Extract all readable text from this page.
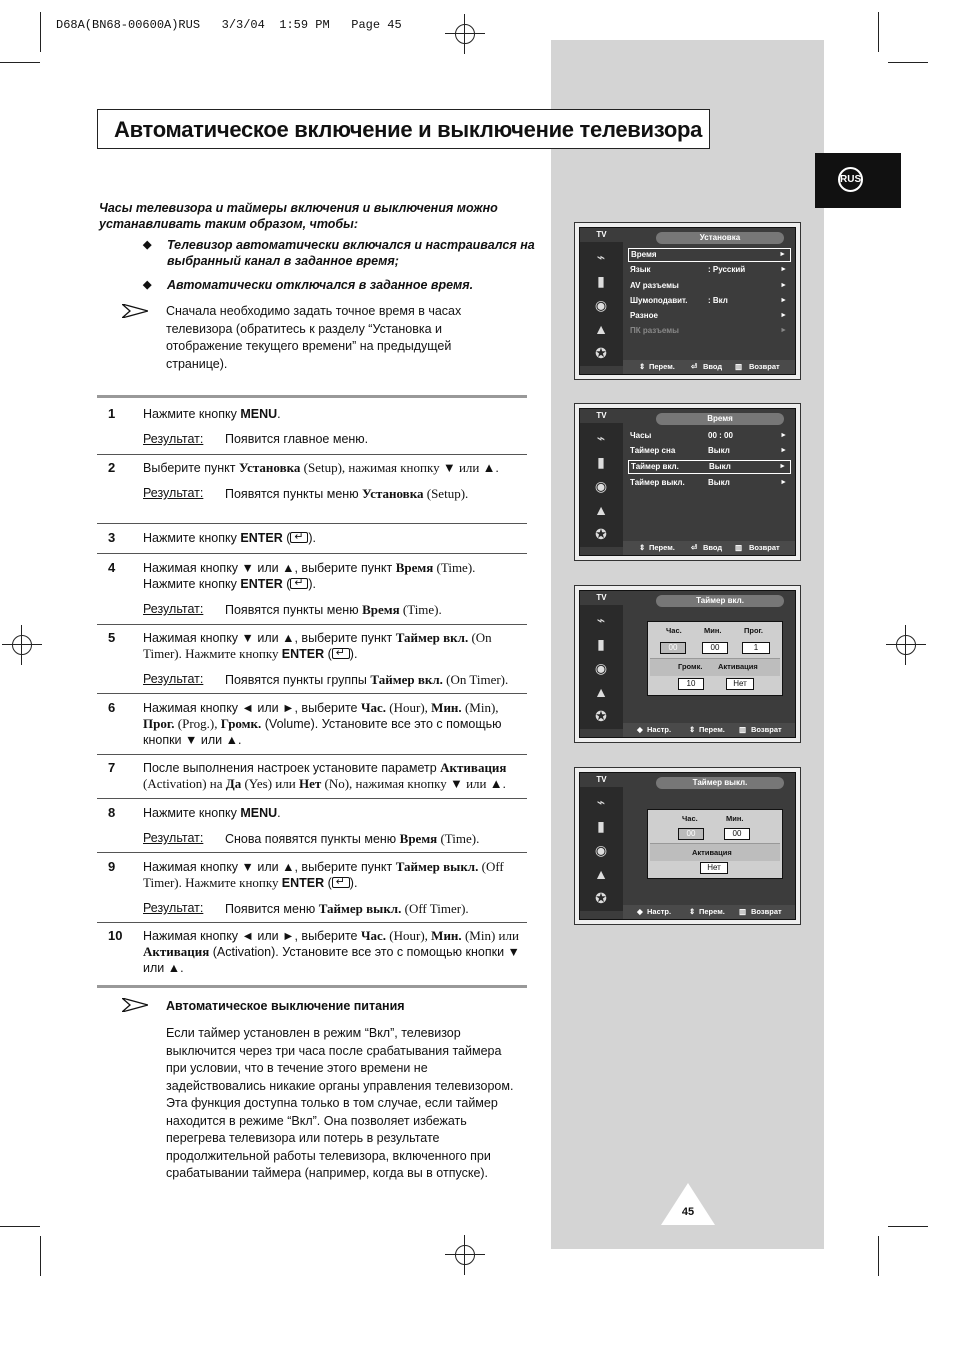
D68A(BN68-00600A)RUS   3/3/04  1:59 PM   Page 45
RUS
Автоматическое включение и выключение телевизора
Часы телевизора и таймеры включения и выключения можно
устанавливать таким образом, чтобы:
◆	Телевизор автоматически включался и настраивался на
выбранный канал в заданное время;
◆	Автоматически отключался в заданное время.
Сначала необходимо задать точное время в часах
телевизора (обратитесь к разделу “Установка и
отображение текущего времени” на предыдущей
странице).
1 Нажмите кнопку MENU.
Результат: Появится главное меню.
2 Выберите пункт Установка (Setup), нажимая кнопку ▼ или ▲.
Результат: Появятся пункты меню Установка (Setup).
3 Нажмите кнопку ENTER ( ↵ ).
4 Нажимая кнопку ▼ или ▲, выберите пункт Время (Time).
Нажмите кнопку ENTER ( ↵ ).
Результат: Появятся пункты меню Время (Time).
5 Нажимая кнопку ▼ или ▲, выберите пункт Таймер вкл. (On
Timer). Нажмите кнопку ENTER ( ↵ ).
Результат: Появятся пункты группы Таймер вкл. (On Timer).
6 Нажимая кнопку ◄ или ►, выберите Час. (Hour), Мин. (Min),
Прог. (Prog.), Громк. (Volume). Установите все это с помощью
кнопки ▼ или ▲.
7 После выполнения настроек установите параметр Активация
(Activation) на Да (Yes) или Нет (No), нажимая кнопку ▼ или ▲.
8 Нажмите кнопку MENU.
Результат: Снова появятся пункты меню Время (Time).
9 Нажимая кнопку ▼ или ▲, выберите пункт Таймер выкл. (Off
Timer). Нажмите кнопку ENTER ( ↵ ).
Результат: Появится меню Таймер выкл. (Off Timer).
10 Нажимая кнопку ◄ или ►, выберите Час. (Hour), Мин. (Min) или
Активация (Activation). Установите все это с помощью кнопки ▼
или ▲.
Автоматическое выключение питания
Если таймер установлен в режим “Вкл”, телевизор
выключится через три часа после срабатывания таймера
при условии, что в течение этого времени не
задействовались никакие органы управления телевизором.
Эта функция доступна только в том случае, если таймер
находится в режиме “Вкл”. Она позволяет избежать
перегрева телевизора или потерь в результате
продолжительной работы телевизора, включенного при
срабатывании таймера (например, когда вы в отпуске).
45
TV
⌁
▮
◉
▲
✪
Установка
Время	►
Язык	: Русский	►
AV разъемы	►
Шумоподавит.	: Вкл	►
Разное	►
ПК разъемы	►
⇕ Перем. ⏎ Ввод ▥ Возврат
TV
⌁
▮
◉
▲
✪
Время
Часы	00 : 00	►
Таймер сна	Выкл	►
Таймер вкл.	Выкл	►
Таймер выкл.	Выкл	►
⇕ Перем. ⏎ Ввод ▥ Возврат
TV
⌁
▮
◉
▲
✪
Таймер вкл.
Час.	Мин.	Прог.
00	00	1
Громк. Активация
10	Нет
◆ Настр. ⇕ Перем. ▥ Возврат
TV
⌁
▮
◉
▲
✪
Таймер выкл.
Час.	Мин.
00	00
Активация
Нет
◆ Настр. ⇕ Перем. ▥ Возврат
